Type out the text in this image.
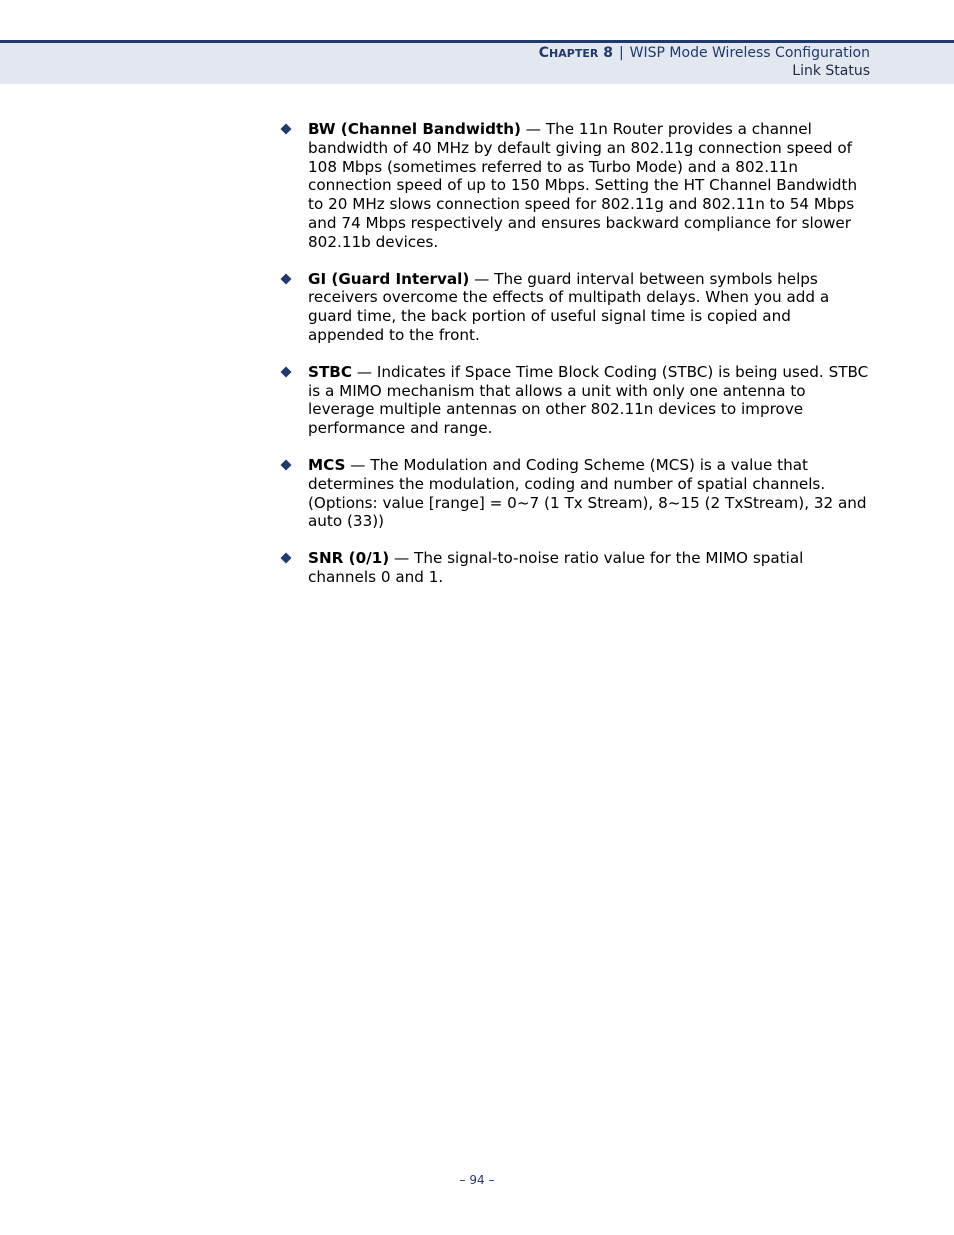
CHAPTER 8 | WISP Mode Wireless Configuration
Link Status
BW (Channel Bandwidth) — The 11n Router provides a channel bandwidth of 40 MHz by default giving an 802.11g connection speed of 108 Mbps (sometimes referred to as Turbo Mode) and a 802.11n connection speed of up to 150 Mbps. Setting the HT Channel Bandwidth to 20 MHz slows connection speed for 802.11g and 802.11n to 54 Mbps and 74 Mbps respectively and ensures backward compliance for slower 802.11b devices.
GI (Guard Interval) — The guard interval between symbols helps receivers overcome the effects of multipath delays. When you add a guard time, the back portion of useful signal time is copied and appended to the front.
STBC — Indicates if Space Time Block Coding (STBC) is being used. STBC is a MIMO mechanism that allows a unit with only one antenna to leverage multiple antennas on other 802.11n devices to improve performance and range.
MCS — The Modulation and Coding Scheme (MCS) is a value that determines the modulation, coding and number of spatial channels. (Options: value [range] = 0~7 (1 Tx Stream), 8~15 (2 TxStream), 32 and auto (33))
SNR (0/1) — The signal-to-noise ratio value for the MIMO spatial channels 0 and 1.
– 94 –
